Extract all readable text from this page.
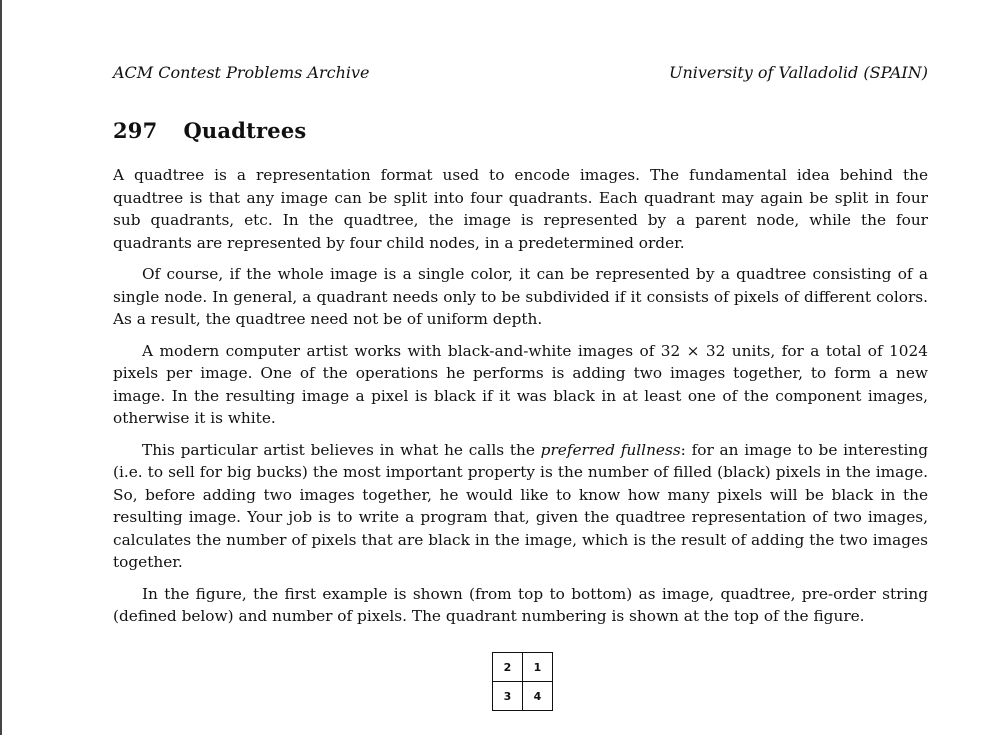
ACM Contest Problems Archive	University of Valladolid (SPAIN)
297 Quadtrees

A quadtree is a representation format used to encode images. The fundamental idea behind the quadtree is that any image can be split into four quadrants. Each quadrant may again be split in four sub quadrants, etc. In the quadtree, the image is represented by a parent node, while the four quadrants are represented by four child nodes, in a predetermined order.

Of course, if the whole image is a single color, it can be represented by a quadtree consisting of a single node. In general, a quadrant needs only to be subdivided if it consists of pixels of different colors. As a result, the quadtree need not be of uniform depth.

A modern computer artist works with black-and-white images of 32 × 32 units, for a total of 1024 pixels per image. One of the operations he performs is adding two images together, to form a new image. In the resulting image a pixel is black if it was black in at least one of the component images, otherwise it is white.

This particular artist believes in what he calls the preferred fullness: for an image to be interesting (i.e. to sell for big bucks) the most important property is the number of filled (black) pixels in the image. So, before adding two images together, he would like to know how many pixels will be black in the resulting image. Your job is to write a program that, given the quadtree representation of two images, calculates the number of pixels that are black in the image, which is the result of adding the two images together.

In the figure, the first example is shown (from top to bottom) as image, quadtree, pre-order string (defined below) and number of pixels. The quadrant numbering is shown at the top of the figure.

2	1
3	4
